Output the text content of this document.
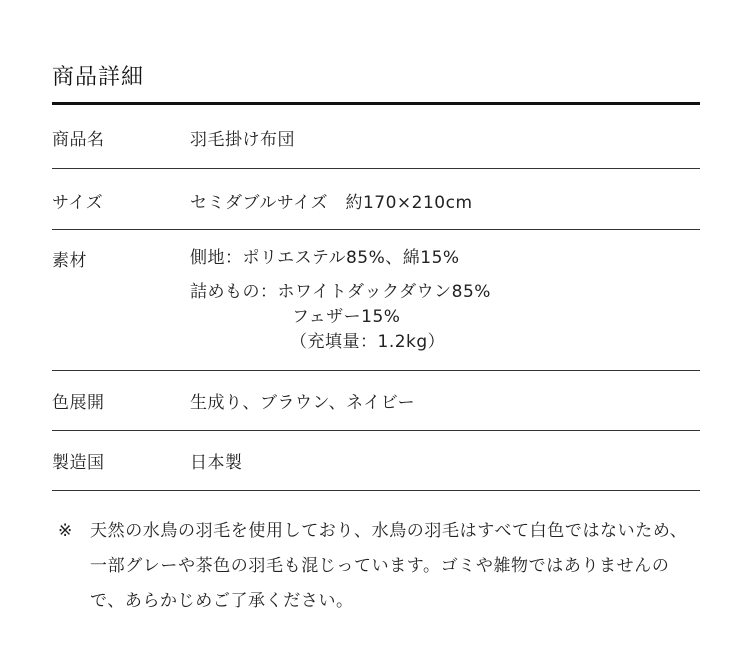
商品詳細
商品名	羽毛掛け布団
サイズ	セミダブルサイズ　約170×210cm
素材	側地：ポリエステル85%、綿15%
詰めもの：ホワイトダックダウン85%
フェザー15%
（充填量：1.2kg）
色展開	生成り、ブラウン、ネイビー
製造国	日本製
※	天然の水鳥の羽毛を使用しており、水鳥の羽毛はすべて白色ではないため、一部グレーや茶色の羽毛も混じっています。ゴミや雑物ではありませんので、あらかじめご了承ください。
